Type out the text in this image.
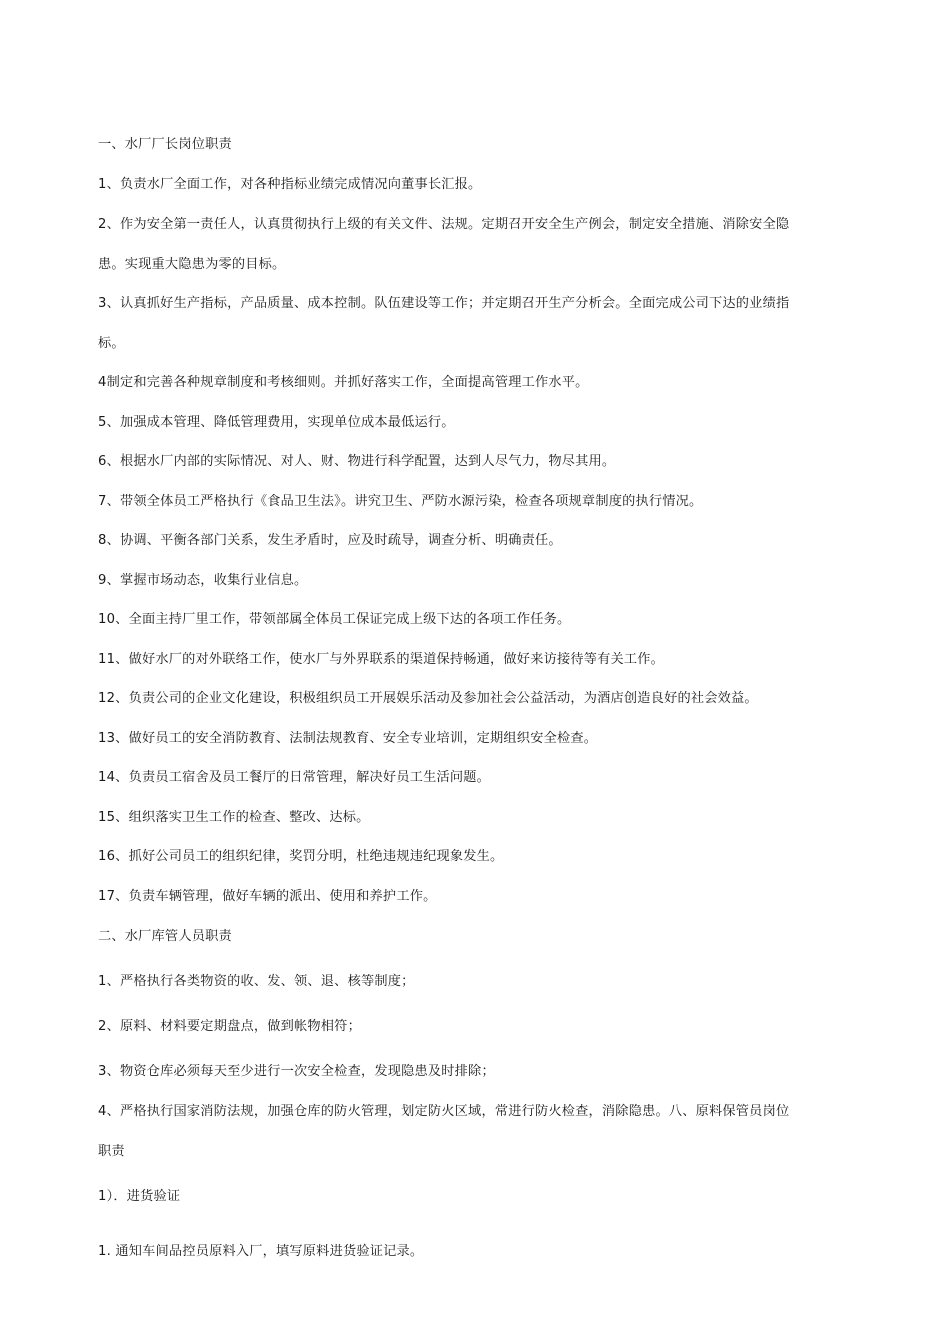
一、水厂厂长岗位职责
1、负责水厂全面工作，对各种指标业绩完成情况向董事长汇报。
2、作为安全第一责任人，认真贯彻执行上级的有关文件、法规。定期召开安全生产例会，制定安全措施、消除安全隐
患。实现重大隐患为零的目标。
3、认真抓好生产指标，产品质量、成本控制。队伍建设等工作；并定期召开生产分析会。全面完成公司下达的业绩指
标。
4制定和完善各种规章制度和考核细则。并抓好落实工作，全面提高管理工作水平。
5、加强成本管理、降低管理费用，实现单位成本最低运行。
6、根据水厂内部的实际情况、对人、财、物进行科学配置，达到人尽气力，物尽其用。
7、带领全体员工严格执行《食品卫生法》。讲究卫生、严防水源污染，检查各项规章制度的执行情况。
8、协调、平衡各部门关系，发生矛盾时，应及时疏导，调查分析、明确责任。
9、掌握市场动态，收集行业信息。
10、全面主持厂里工作，带领部属全体员工保证完成上级下达的各项工作任务。
11、做好水厂的对外联络工作，使水厂与外界联系的渠道保持畅通，做好来访接待等有关工作。
12、负责公司的企业文化建设，积极组织员工开展娱乐活动及参加社会公益活动，为酒店创造良好的社会效益。
13、做好员工的安全消防教育、法制法规教育、安全专业培训，定期组织安全检查。
14、负责员工宿舍及员工餐厅的日常管理，解决好员工生活问题。
15、组织落实卫生工作的检查、整改、达标。
16、抓好公司员工的组织纪律，奖罚分明，杜绝违规违纪现象发生。
17、负责车辆管理，做好车辆的派出、使用和养护工作。
二、水厂库管人员职责
1、严格执行各类物资的收、发、领、退、核等制度；
2、原料、材料要定期盘点，做到帐物相符；
3、物资仓库必须每天至少进行一次安全检查，发现隐患及时排除；
4、严格执行国家消防法规，加强仓库的防火管理，划定防火区域，常进行防火检查，消除隐患。八、原料保管员岗位
职责
1）．进货验证
1. 通知车间品控员原料入厂，填写原料进货验证记录。
